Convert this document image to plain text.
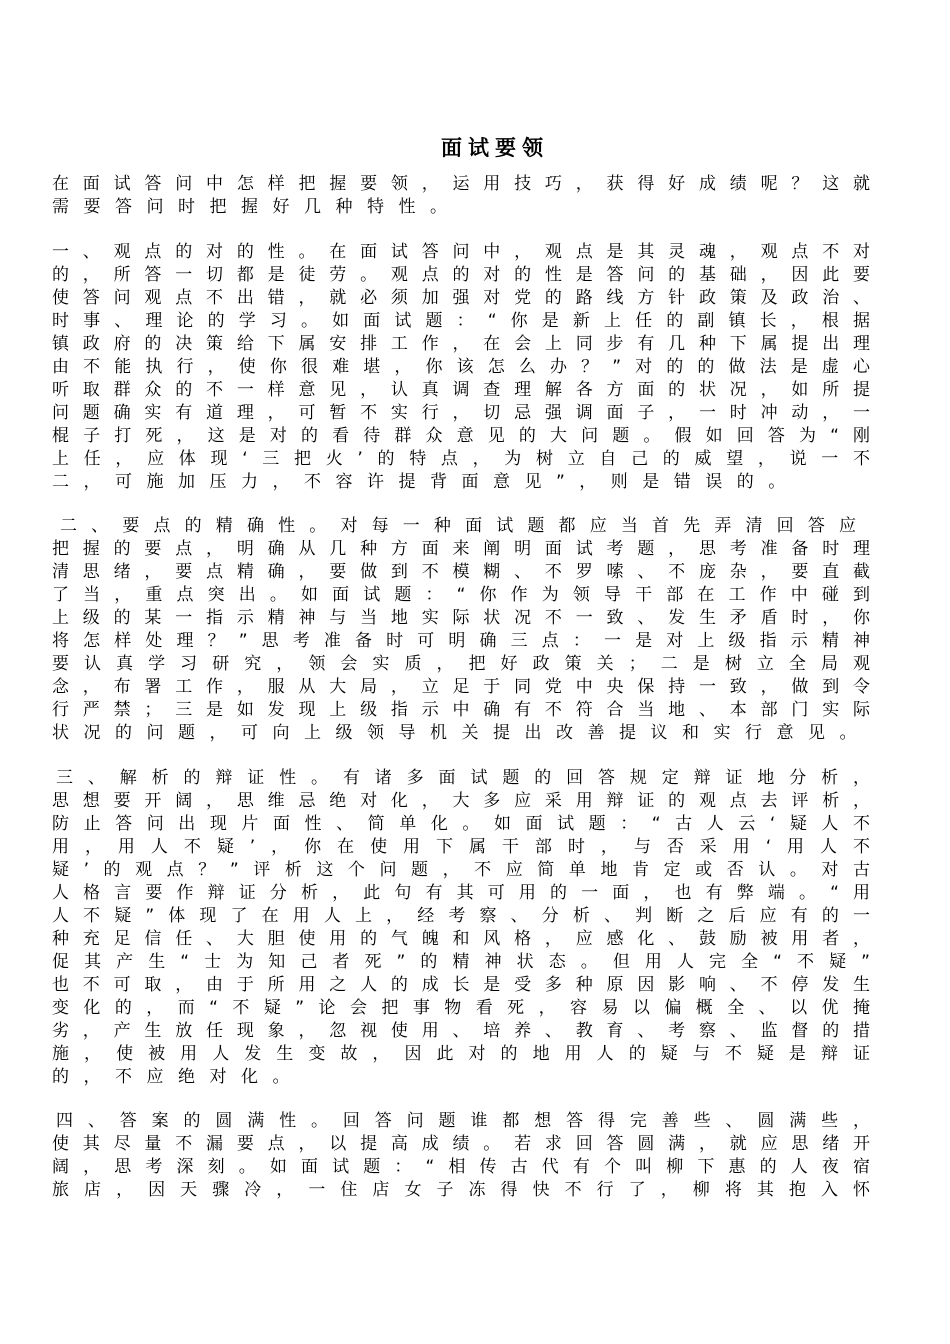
面试要领
在面试答问中怎样把握要领，运用技巧，获得好成绩呢？这就
需要答问时把握好几种特性。
一、观点的对的性。在面试答问中，观点是其灵魂，观点不对
的，所答一切都是徒劳。观点的对的性是答问的基础，因此要
使答问观点不出错，就必须加强对党的路线方针政策及政治、
时事、理论的学习。如面试题：“你是新上任的副镇长，根据
镇政府的决策给下属安排工作，在会上同步有几种下属提出理
由不能执行，使你很难堪，你该怎么办？”对的的做法是虚心
听取群众的不一样意见，认真调查理解各方面的状况，如所提
问题确实有道理，可暂不实行，切忌强调面子，一时冲动，一
棍子打死，这是对的看待群众意见的大问题。假如回答为“刚
上任，应体现‘三把火’的特点，为树立自己的威望，说一不
二，可施加压力，不容许提背面意见”，则是错误的。
二、要点的精确性。对每一种面试题都应当首先弄清回答应
把握的要点，明确从几种方面来阐明面试考题，思考准备时理
清思绪，要点精确，要做到不模糊、不罗嗦、不庞杂，要直截
了当，重点突出。如面试题：“你作为领导干部在工作中碰到
上级的某一指示精神与当地实际状况不一致、发生矛盾时，你
将怎样处理？”思考准备时可明确三点：一是对上级指示精神
要认真学习研究，领会实质，把好政策关；二是树立全局观
念，布署工作，服从大局，立足于同党中央保持一致，做到令
行严禁；三是如发现上级指示中确有不符合当地、本部门实际
状况的问题，可向上级领导机关提出改善提议和实行意见。
三、解析的辩证性。有诸多面试题的回答规定辩证地分析，
思想要开阔，思维忌绝对化，大多应采用辩证的观点去评析，
防止答问出现片面性、简单化。如面试题：“古人云‘疑人不
用，用人不疑’，你在使用下属干部时，与否采用‘用人不
疑’的观点？”评析这个问题，不应简单地肯定或否认。对古
人格言要作辩证分析，此句有其可用的一面，也有弊端。“用
人不疑”体现了在用人上，经考察、分析、判断之后应有的一
种充足信任、大胆使用的气魄和风格，应感化、鼓励被用者，
促其产生“士为知己者死”的精神状态。但用人完全“不疑”
也不可取，由于所用之人的成长是受多种原因影响、不停发生
变化的，而“不疑”论会把事物看死，容易以偏概全、以优掩
劣，产生放任现象，忽视使用、培养、教育、考察、监督的措
施，使被用人发生变故，因此对的地用人的疑与不疑是辩证
的，不应绝对化。
四、答案的圆满性。回答问题谁都想答得完善些、圆满些，
使其尽量不漏要点，以提高成绩。若求回答圆满，就应思绪开
阔，思考深刻。如面试题：“相传古代有个叫柳下惠的人夜宿
旅店，因天骤冷，一住店女子冻得快不行了，柳将其抱入怀
